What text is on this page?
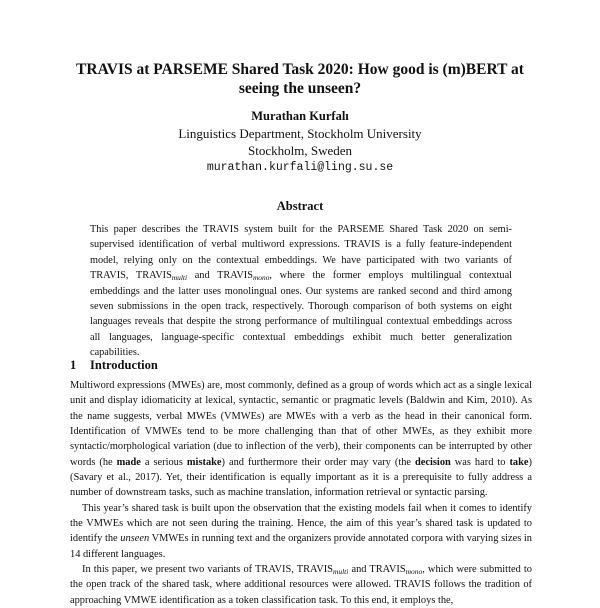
TRAVIS at PARSEME Shared Task 2020: How good is (m)BERT at seeing the unseen?
Murathan Kurfalı
Linguistics Department, Stockholm University
Stockholm, Sweden
murathan.kurfali@ling.su.se
Abstract
This paper describes the TRAVIS system built for the PARSEME Shared Task 2020 on semi-supervised identification of verbal multiword expressions. TRAVIS is a fully feature-independent model, relying only on the contextual embeddings. We have participated with two variants of TRAVIS, $TRAVIS_{multi}$ and $TRAVIS_{mono}$, where the former employs multilingual contextual embeddings and the latter uses monolingual ones. Our systems are ranked second and third among seven submissions in the open track, respectively. Thorough comparison of both systems on eight languages reveals that despite the strong performance of multilingual contextual embeddings across all languages, language-specific contextual embeddings exhibit much better generalization capabilities.
1 Introduction

Multiword expressions (MWEs) are, most commonly, defined as a group of words which act as a single lexical unit and display idiomaticity at lexical, syntactic, semantic or pragmatic levels (Baldwin and Kim, 2010). As the name suggests, verbal MWEs (VMWEs) are MWEs with a verb as the head in their canonical form. Identification of VMWEs tend to be more challenging than that of other MWEs, as they exhibit more syntactic/morphological variation (due to inflection of the verb), their components can be interrupted by other words (he made a serious mistake) and furthermore their order may vary (the decision was hard to take) (Savary et al., 2017). Yet, their identification is equally important as it is a prerequisite to fully address a number of downstream tasks, such as machine translation, information retrieval or syntactic parsing.

This year’s shared task is built upon the observation that the existing models fail when it comes to identify the VMWEs which are not seen during the training. Hence, the aim of this year’s shared task is updated to identify the unseen VMWEs in running text and the organizers provide annotated corpora with varying sizes in 14 different languages.

In this paper, we present two variants of TRAVIS, $TRAVIS_{multi}$ and $TRAVIS_{mono}$, which were submitted to the open track of the shared task, where additional resources were allowed. TRAVIS follows the tradition of approaching VMWE identification as a token classification task. To this end, it employs the,
